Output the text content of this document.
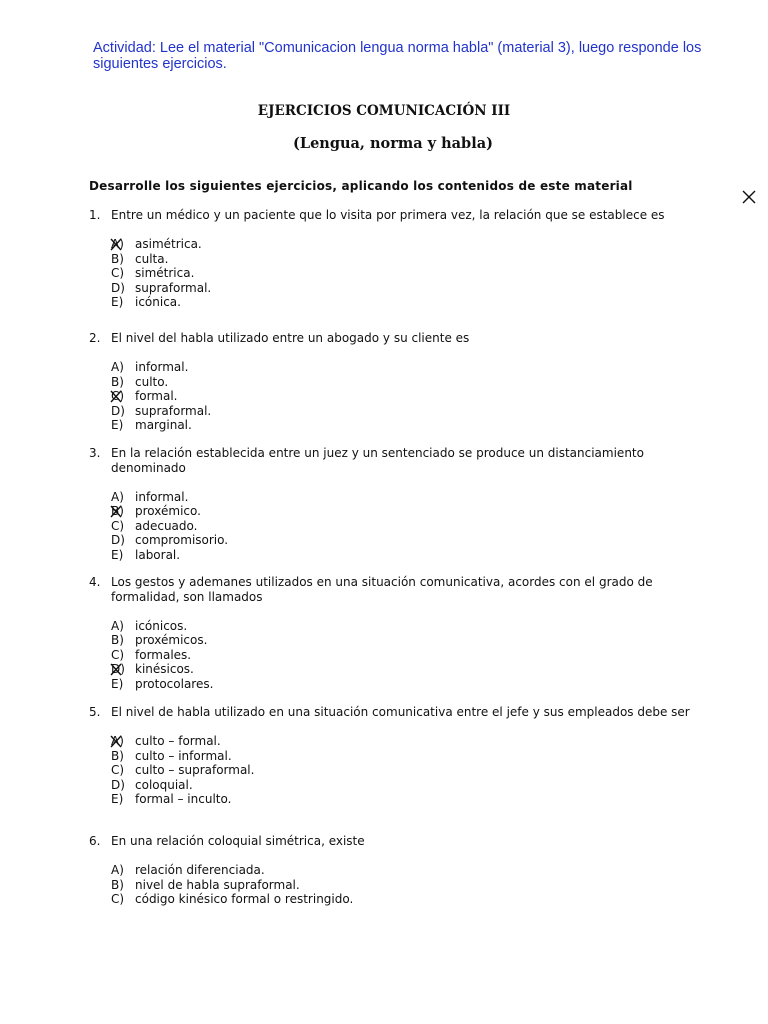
Actividad: Lee el material "Comunicacion lengua norma habla" (material 3), luego responde los siguientes ejercicios.

EJERCICIOS COMUNICACIÓN III
(Lengua, norma y habla)

Desarrolle los siguientes ejercicios, aplicando los contenidos de este material

1. Entre un médico y un paciente que lo visita por primera vez, la relación que se establece es
A) asimétrica.
B) culta.
C) simétrica.
D) supraformal.
E) icónica.
2. El nivel del habla utilizado entre un abogado y su cliente es
A) informal.
B) culto.
C) formal.
D) supraformal.
E) marginal.
3. En la relación establecida entre un juez y un sentenciado se produce un distanciamiento denominado
A) informal.
B) proxémico.
C) adecuado.
D) compromisorio.
E) laboral.
4. Los gestos y ademanes utilizados en una situación comunicativa, acordes con el grado de formalidad, son llamados
A) icónicos.
B) proxémicos.
C) formales.
D) kinésicos.
E) protocolares.
5. El nivel de habla utilizado en una situación comunicativa entre el jefe y sus empleados debe ser
A) culto – formal.
B) culto – informal.
C) culto – supraformal.
D) coloquial.
E) formal – inculto.
6. En una relación coloquial simétrica, existe
A) relación diferenciada.
B) nivel de habla supraformal.
C) código kinésico formal o restringido.
